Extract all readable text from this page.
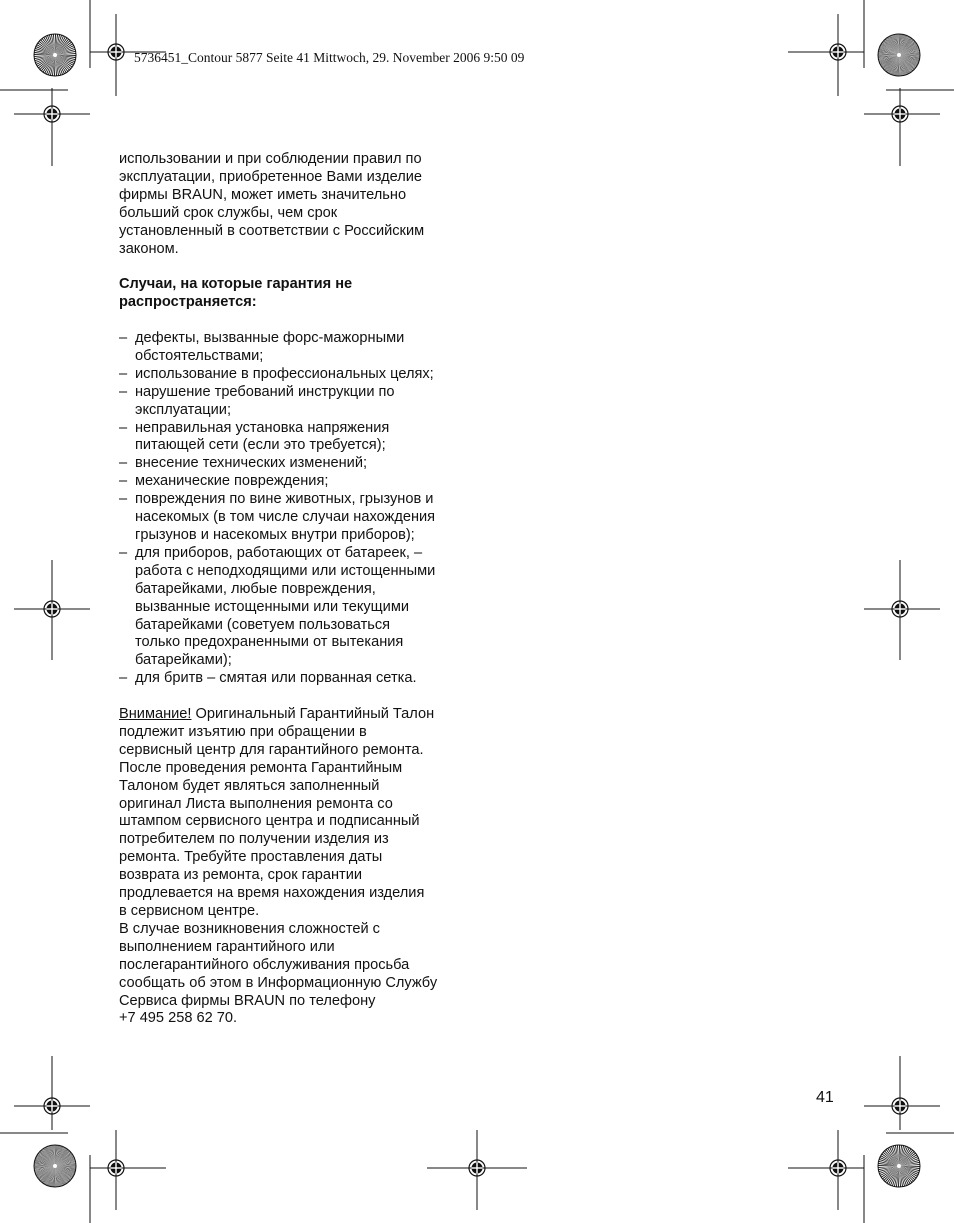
5736451_Contour 5877 Seite 41 Mittwoch, 29. November 2006 9:50 09

использовании и при соблюдении правил по

эксплуатации, приобретенное Вами изделие

фирмы BRAUN, может иметь значительно

больший срок службы, чем срок

установленный в соответствии с Российским

законом.

Случаи, на которые гарантия не

распространяется:

– дефекты, вызванные форс-мажорными
обстоятельствами;
– использование в профессиональных целях;
– нарушение требований инструкции по
эксплуатации;
– неправильная установка напряжения
питающей сети (если это требуется);
– внесение технических изменений;
– механические повреждения;
– повреждения по вине животных, грызунов и
насекомых (в том числе случаи нахождения
грызунов и насекомых внутри приборов);
– для приборов, работающих от батареек, –
работа с неподходящими или истощенными
батарейками, любые повреждения,
вызванные истощенными или текущими
батарейками (советуем пользоваться
только предохраненными от вытекания
батарейками);
– для бритв – смятая или порванная сетка.

Внимание! Оригинальный Гарантийный Талон

подлежит изъятию при обращении в

сервисный центр для гарантийного ремонта.

После проведения ремонта Гарантийным

Талоном будет являться заполненный

оригинал Листа выполнения ремонта со

штампом сервисного центра и подписанный

потребителем по получении изделия из

ремонта. Требуйте проставления даты

возврата из ремонта, срок гарантии

продлевается на время нахождения изделия

в сервисном центре.

В случае возникновения сложностей с

выполнением гарантийного или

послегарантийного обслуживания просьба

сообщать об этом в Информационную Службу

Сервиса фирмы BRAUN по телефону

+7 495 258 62 70.

41
